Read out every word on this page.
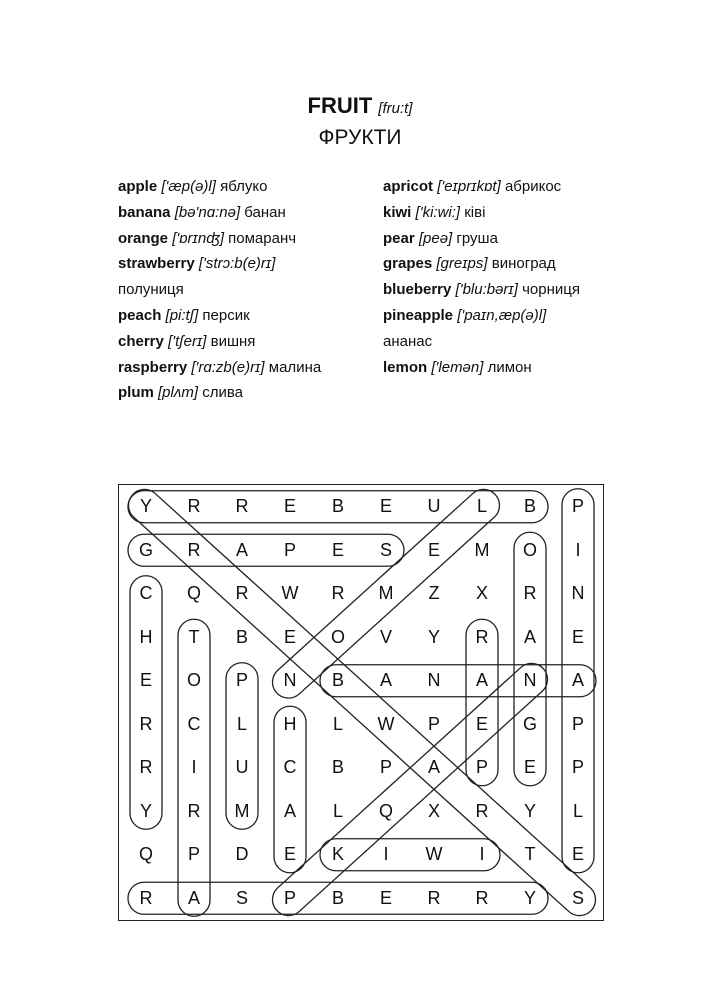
FRUIT [fru:t]
ФРУКТИ
apple ['æp(ə)l] яблуко
banana [bə'nɑ:nə] банан
orange ['ɒrɪnʤ] помаранч
strawberry ['strɔ:b(e)rɪ]
полуниця
peach [pi:tʃ] персик
cherry ['tʃerɪ] вишня
raspberry ['rɑ:zb(e)rɪ] малина
plum [plʌm] слива
apricot ['eɪprɪkɒt] абрикос
kiwi ['ki:wi:] ківі
pear [peə] груша
grapes [greɪps] виноград
blueberry ['blu:bərɪ] чорниця
pineapple ['paɪn,æp(ə)l]
ананас
lemon ['lemən] лимон
Y	R	R	E	B	E	U	L	B	P
G	R	A	P	E	S	E	M	O	I
C	Q	R	W	R	M	Z	X	R	N
H	T	B	E	O	V	Y	R	A	E
E	O	P	N	B	A	N	A	N	A
R	C	L	H	L	W	P	E	G	P
R	I	U	C	B	P	A	P	E	P
Y	R	M	A	L	Q	X	R	Y	L
Q	P	D	E	K	I	W	I	T	E
R	A	S	P	B	E	R	R	Y	S
